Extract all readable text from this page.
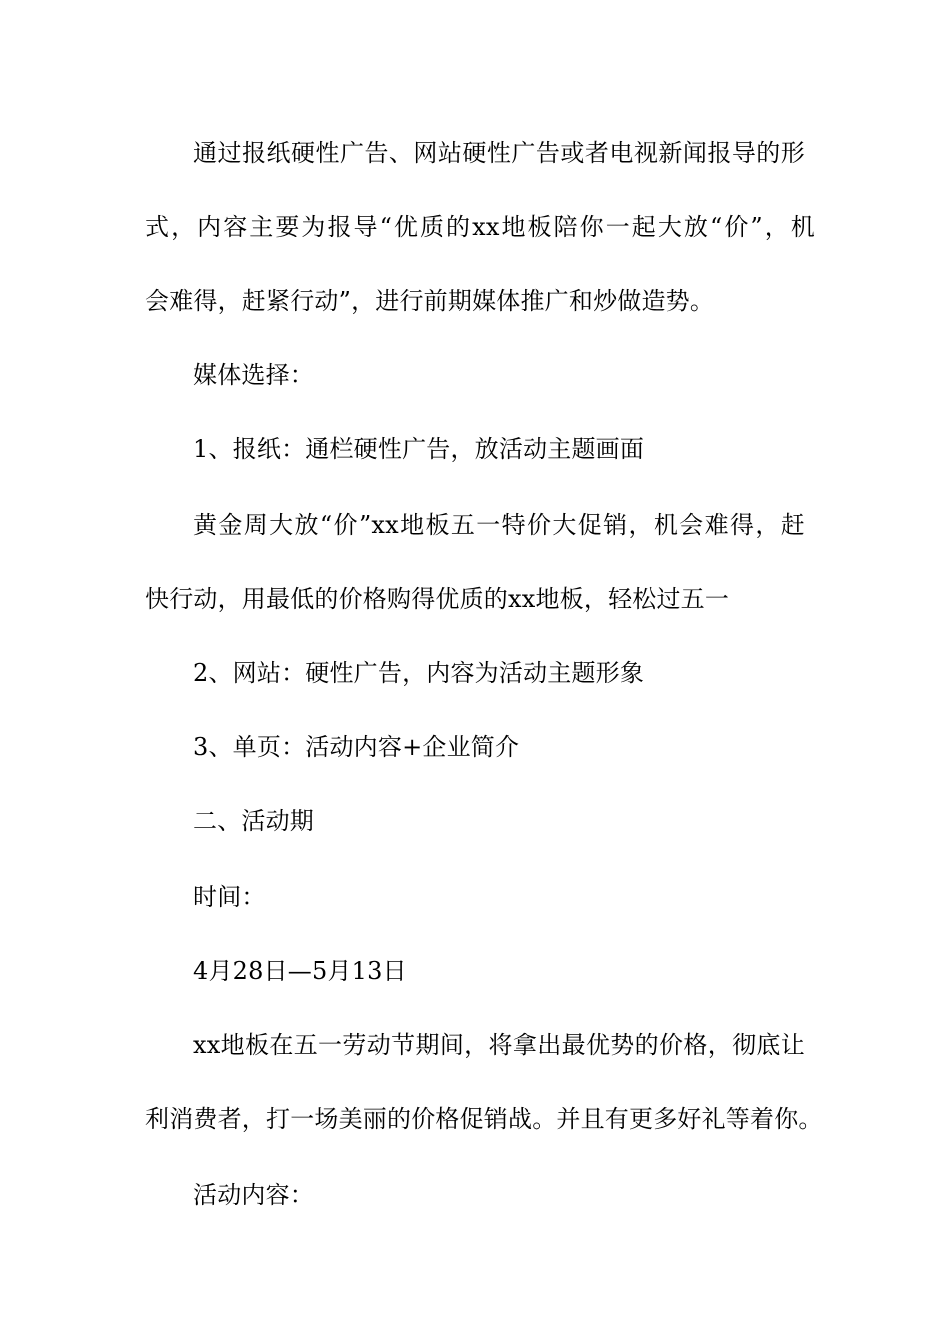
通过报纸硬性广告、网站硬性广告或者电视新闻报导的形
式，内容主要为报导“优质的xx地板陪你一起大放“价”，机
会难得，赶紧行动”，进行前期媒体推广和炒做造势。
媒体选择：
1、报纸：通栏硬性广告，放活动主题画面
黄金周大放“价”xx地板五一特价大促销，机会难得，赶
快行动，用最低的价格购得优质的xx地板，轻松过五一
2、网站：硬性广告，内容为活动主题形象
3、单页：活动内容+企业简介
二、活动期
时间：
4月28日—5月13日
xx地板在五一劳动节期间，将拿出最优势的价格，彻底让
利消费者，打一场美丽的价格促销战。并且有更多好礼等着你。
活动内容：
